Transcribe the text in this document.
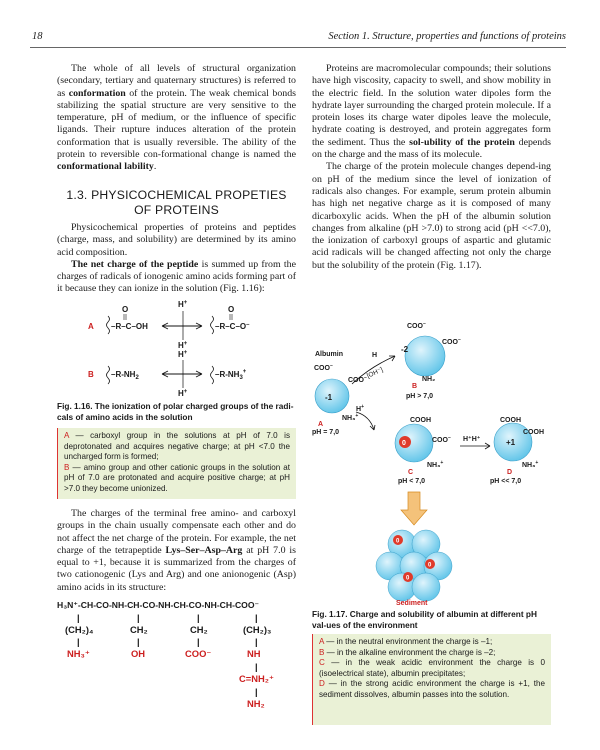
18	Section 1. Structure, properties and functions of proteins

The whole of all levels of structural organization (secondary, tertiary and quaternary structures) is referred to as conformation of the protein. The weak chemical bonds stabilizing the spatial structure are very sensitive to the temperature, pH of medium, or the influence of specific ligands. Their rupture induces alteration of the protein conformation that is usually reversible. The ability of the protein to reversible con-formational change is named the conformational lability.

1.3. PHYSICOCHEMICAL PROPETIES
OF PROTEINS

Physicochemical properties of proteins and peptides (charge, mass, and solubility) are determined by its amino acid composition.

The net charge of the peptide is summed up from the charges of radicals of ionogenic amino acids forming part of it because they can ionize in the solution (Fig. 1.16):

A
O
–R–C–OH
H+
H+
O
–R–C–O–
B $-R-NH_2$
H+
H+
$-R-NH_3^+$
Fig. 1.16. The ionization of polar charged groups of the radi-cals of amino acids in the solution
A — carboxyl group in the solutions at pH of 7.0 is deprotonated and acquires negative charge; at pH <7.0 the uncharged form is formed;
B — amino group and other cationic groups in the solution at pH of 7.0 are protonated and acquire positive charge; at pH >7.0 they become unionized.

The charges of the terminal free amino- and carboxyl groups in the chain usually compensate each other and do not affect the net charge of the protein. For example, the net charge of the tetrapeptide Lys–Ser–Asp–Arg at pH 7.0 is equal to +1, because it is summarized from the charges of two cationogenic (Lys and Arg) and one anionogenic (Asp) amino acids in its structure:

H₃N⁺-CH-CO-NH-CH-CO-NH-CH-CO-NH-CH-COO⁻
|	|	|	|
(CH₂)₄	CH₂	CH₂	(CH₂)₃
|	|	|	|
NH₃⁺	OH	COO⁻	NH
|
C=NH₂⁺
|
NH₂

Proteins are macromolecular compounds; their solutions have high viscosity, capacity to swell, and show mobility in the electric field. In the solution water dipoles form the hydrate layer surrounding the charged protein molecule. If a protein loses its charge water dipoles leave the molecule, hydrate coating is destroyed, and protein aggregates form the sediment. Thus the sol-ubility of the protein depends on the charge and the mass of its molecule.

The charge of the protein molecule changes depend-ing on pH of the medium since the level of ionization of radicals also changes. For example, serum protein albumin has high net negative charge as it is composed of many dicarboxylic acids. When the pH of the albumin solution changes from alkaline (pH >7.0) to strong acid (pH <<7.0), the ionization of carboxyl groups of aspartic and glutamic acid radicals will be changed affecting not only the charge but the solubility of the protein (Fig. 1.17).

Albumin
COO–
-1
COO–
NH₃+
A
pH = 7,0
H
[OH⁻]
-2
COO–
COO–
NH₂
B
pH > 7,0
H+
0
COOH
COO–
NH₃+
C
pH < 7,0
H⁺H⁺	+1
COOH
COOH
NH₃+
D
pH << 7,0
0
0
0
Sediment
Fig. 1.17. Charge and solubility of albumin at different pH val-ues of the environment
A — in the neutral environment the charge is –1;
B — in the alkaline environment the charge is –2;
C — in the weak acidic environment the charge is 0 (isoelectrical state), albumin precipitates;
D — in the strong acidic environment the charge is +1, the sediment dissolves, albumin passes into the solution.
